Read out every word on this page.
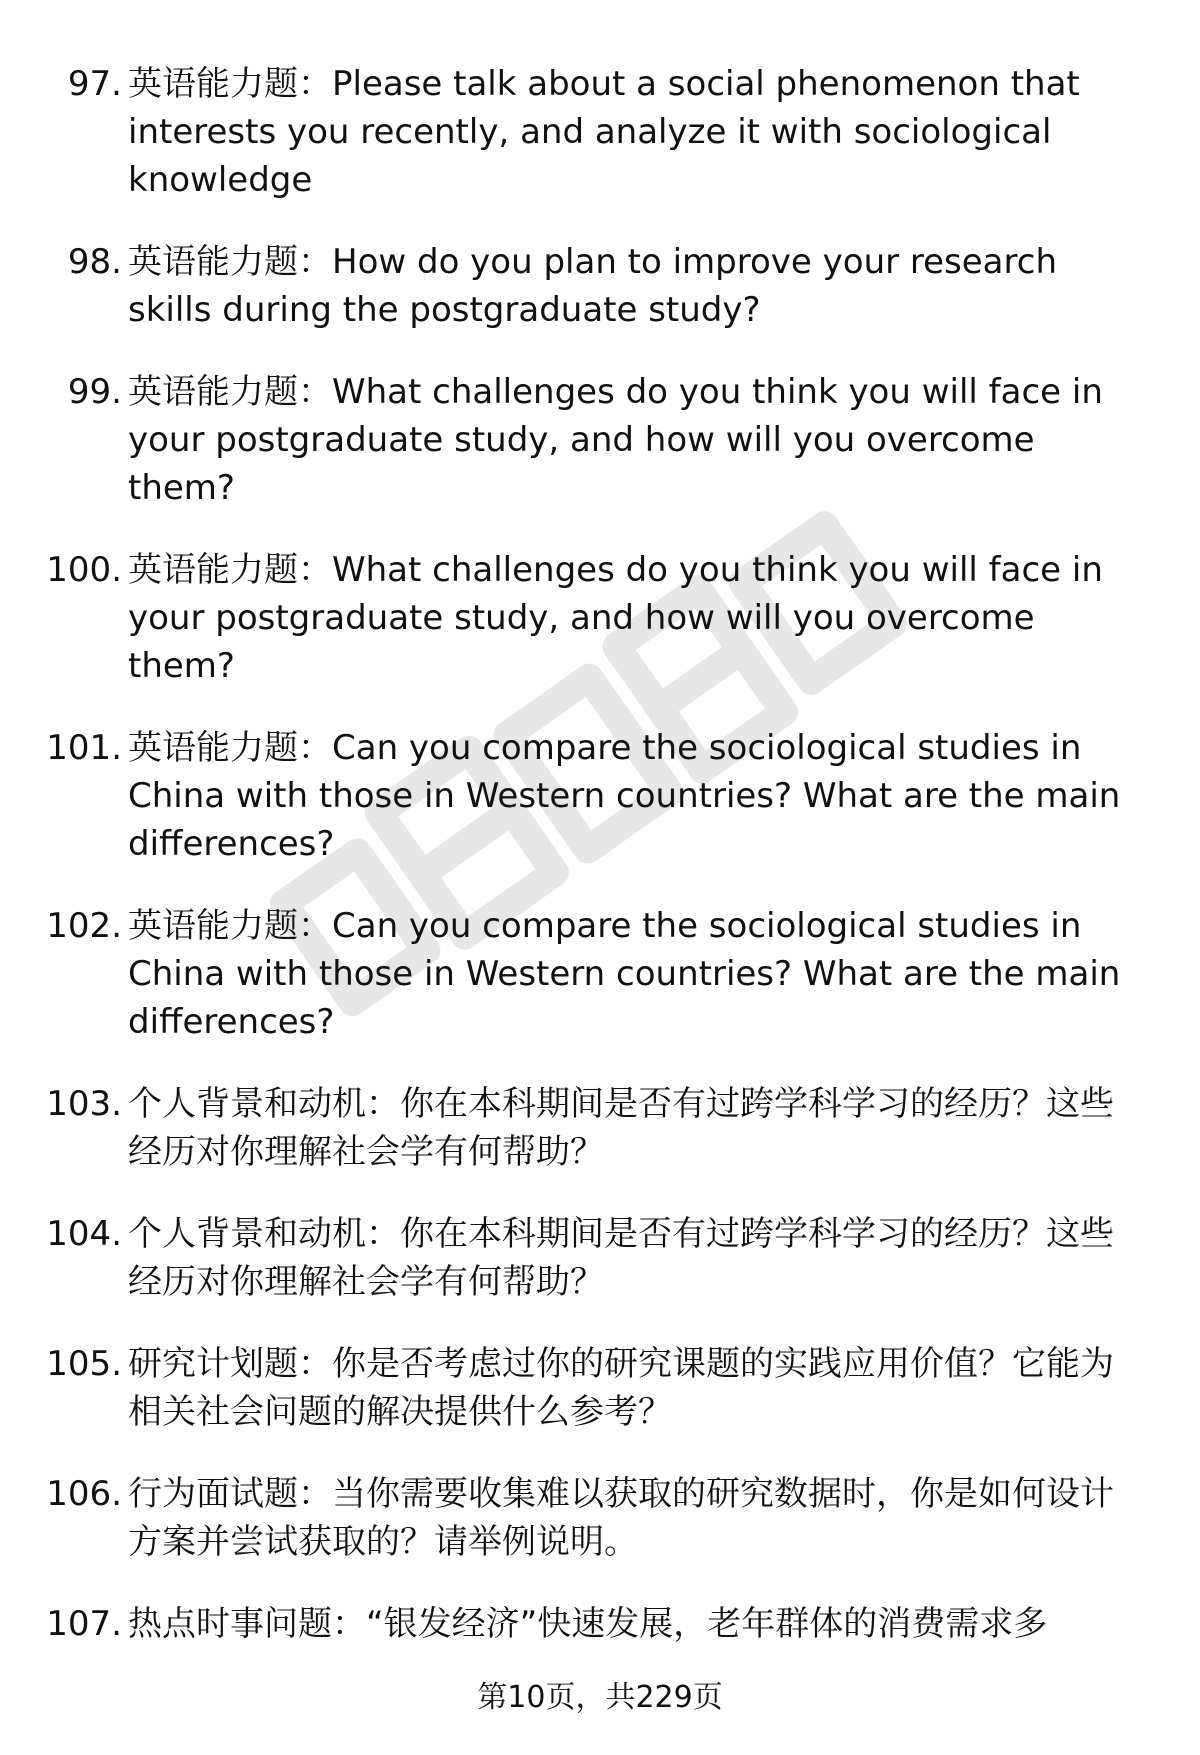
97. 英语能力题：Please talk about a social phenomenon that interests you recently, and analyze it with sociological knowledge
98. 英语能力题：How do you plan to improve your research skills during the postgraduate study?
99. 英语能力题：What challenges do you think you will face in your postgraduate study, and how will you overcome them?
100. 英语能力题：What challenges do you think you will face in your postgraduate study, and how will you overcome them?
101. 英语能力题：Can you compare the sociological studies in China with those in Western countries? What are the main differences?
102. 英语能力题：Can you compare the sociological studies in China with those in Western countries? What are the main differences?
103. 个人背景和动机：你在本科期间是否有过跨学科学习的经历？这些经历对你理解社会学有何帮助？
104. 个人背景和动机：你在本科期间是否有过跨学科学习的经历？这些经历对你理解社会学有何帮助？
105. 研究计划题：你是否考虑过你的研究课题的实践应用价值？它能为相关社会问题的解决提供什么参考？
106. 行为面试题：当你需要收集难以获取的研究数据时，你是如何设计方案并尝试获取的？请举例说明。
107. 热点时事问题：“银发经济”快速发展，老年群体的消费需求多
第10页，共229页
